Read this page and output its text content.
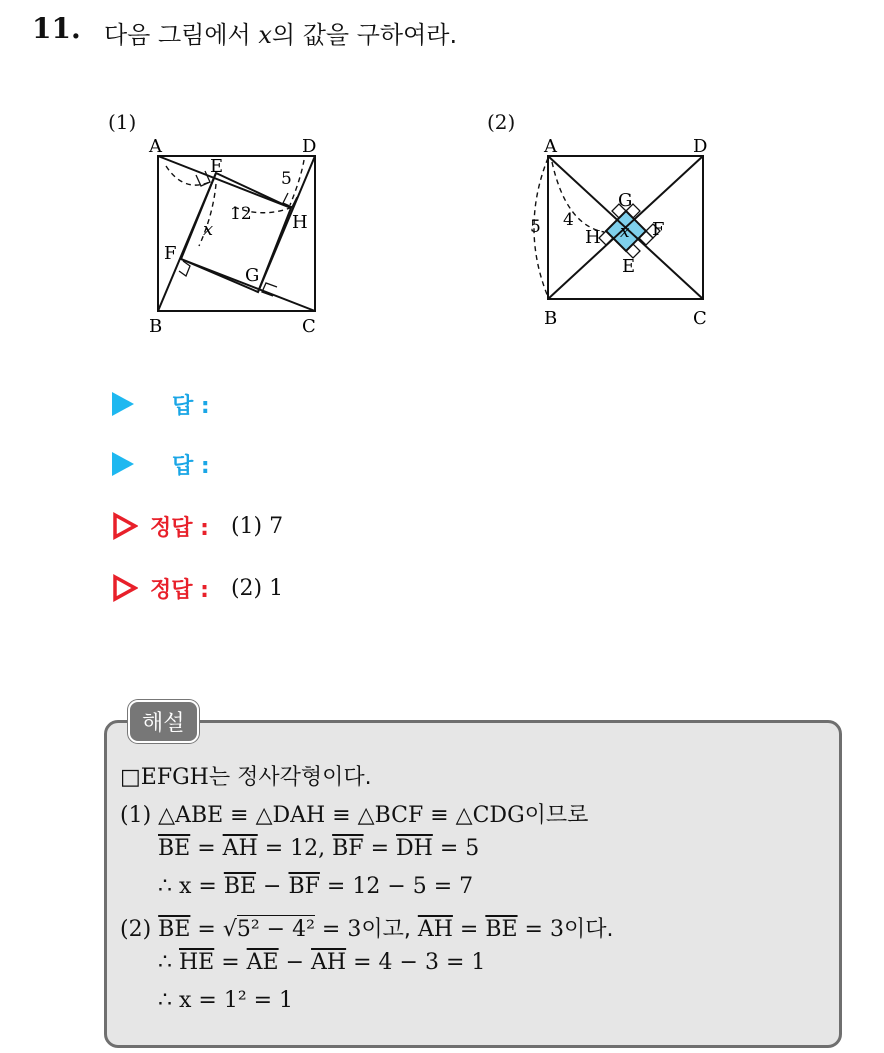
11. 다음 그림에서 x의 값을 구하여라.
(1)
A	D
B	C
E
H
G
F
5
12
x
(2)
A	D
B	C
G
F
H
E
5 4
x
답 :
답 :
정답 : (1) 7
정답 : (2) 1
해설
□EFGH는 정사각형이다.
(1) △ABE ≡ △DAH ≡ △BCF ≡ △CDG이므로
$\overline{BE} = \overline{AH} = 12$, $\overline{BF} = \overline{DH} = 5$
∴ $x = \overline{BE} - \overline{BF} = 12 - 5 = 7$
(2) $\overline{BE} = √5^2 - 4^2 = 3$이고, $\overline{AH} = \overline{BE} = 3$이다.
∴ $\overline{HE} = \overline{AE} - \overline{AH} = 4 - 3 = 1$
∴ x = 1² = 1
